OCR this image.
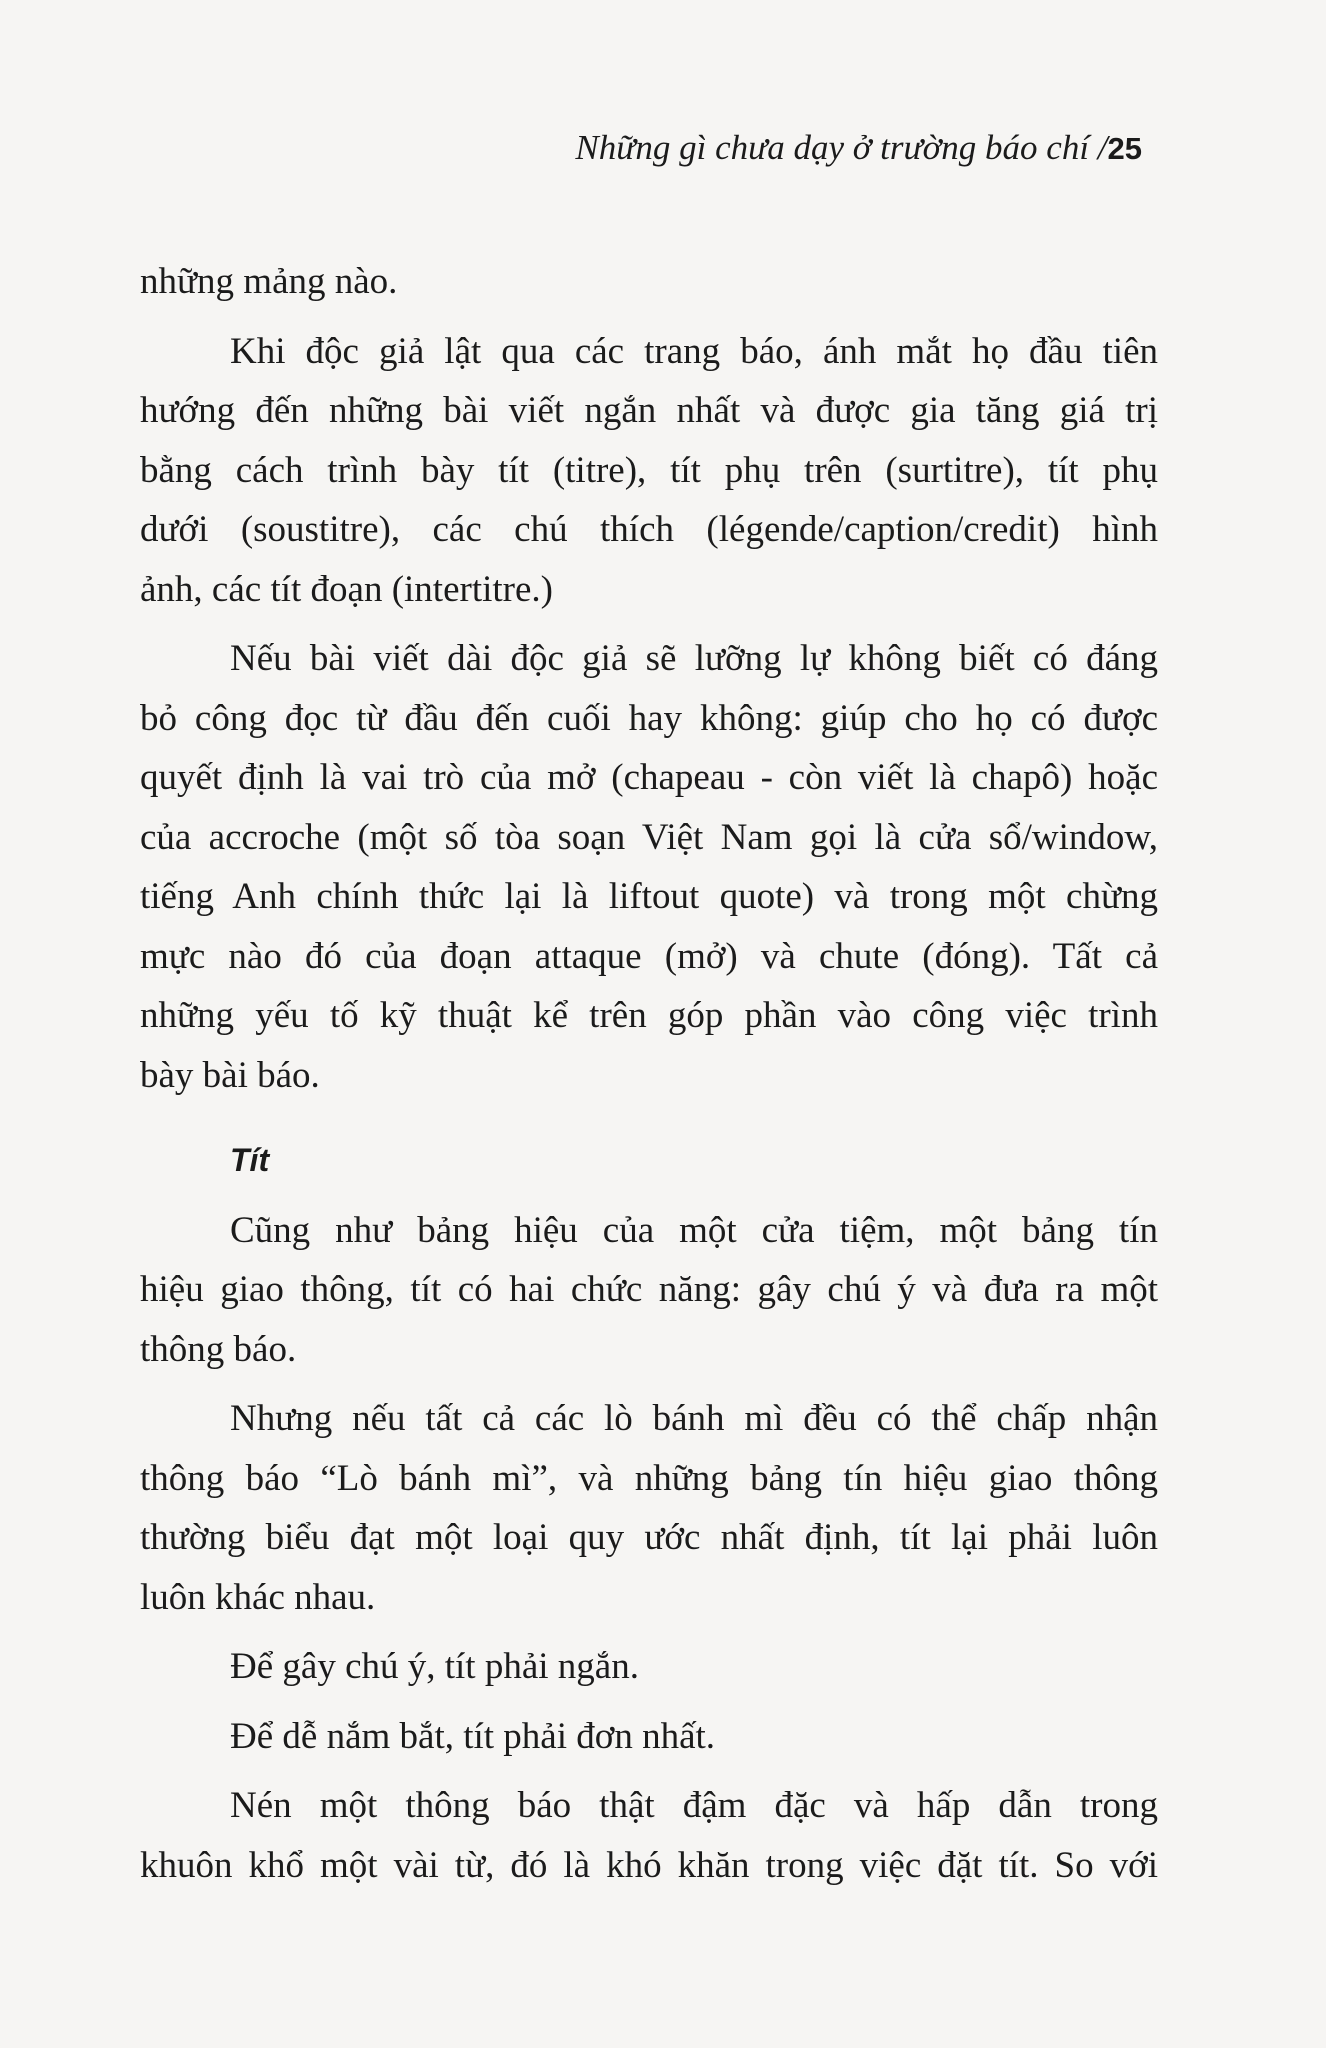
Những gì chưa dạy ở trường báo chí /25
những mảng nào.
Khi độc giả lật qua các trang báo, ánh mắt họ đầu tiên
hướng đến những bài viết ngắn nhất và được gia tăng giá trị
bằng cách trình bày tít (titre), tít phụ trên (surtitre), tít phụ
dưới (soustitre), các chú thích (légende/caption/credit) hình
ảnh, các tít đoạn (intertitre.)
Nếu bài viết dài độc giả sẽ lưỡng lự không biết có đáng
bỏ công đọc từ đầu đến cuối hay không: giúp cho họ có được
quyết định là vai trò của mở (chapeau - còn viết là chapô) hoặc
của accroche (một số tòa soạn Việt Nam gọi là cửa sổ/window,
tiếng Anh chính thức lại là liftout quote) và trong một chừng
mực nào đó của đoạn attaque (mở) và chute (đóng). Tất cả
những yếu tố kỹ thuật kể trên góp phần vào công việc trình
bày bài báo.
Tít
Cũng như bảng hiệu của một cửa tiệm, một bảng tín
hiệu giao thông, tít có hai chức năng: gây chú ý và đưa ra một
thông báo.
Nhưng nếu tất cả các lò bánh mì đều có thể chấp nhận
thông báo “Lò bánh mì”, và những bảng tín hiệu giao thông
thường biểu đạt một loại quy ước nhất định, tít lại phải luôn
luôn khác nhau.
Để gây chú ý, tít phải ngắn.
Để dễ nắm bắt, tít phải đơn nhất.
Nén một thông báo thật đậm đặc và hấp dẫn trong
khuôn khổ một vài từ, đó là khó khăn trong việc đặt tít. So với
